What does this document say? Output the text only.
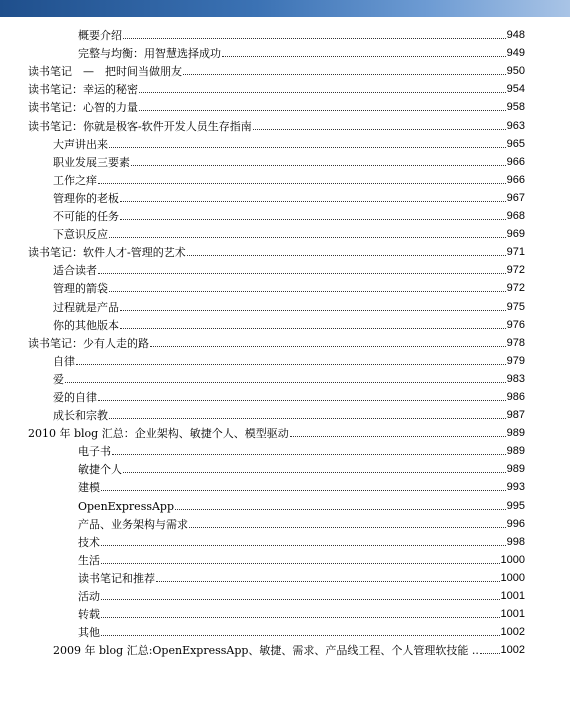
概要介绍	948
完整与均衡：用智慧选择成功	949
读书笔记　—　把时间当做朋友	950
读书笔记：幸运的秘密	954
读书笔记：心智的力量	958
读书笔记：你就是极客-软件开发人员生存指南	963
大声讲出来	965
职业发展三要素	966
工作之痒	966
管理你的老板	967
不可能的任务	968
下意识反应	969
读书笔记：软件人才-管理的艺术	971
适合读者	972
管理的箭袋	972
过程就是产品	975
你的其他版本	976
读书笔记：少有人走的路	978
自律	979
爱	983
爱的自律	986
成长和宗教	987
2010 年 blog 汇总：企业架构、敏捷个人、模型驱动	989
电子书	989
敏捷个人	989
建模	993
OpenExpressApp	995
产品、业务架构与需求	996
技术	998
生活	1000
读书笔记和推荐	1000
活动	1001
转载	1001
其他	1002
2009 年 blog 汇总:OpenExpressApp、敏捷、需求、产品线工程、个人管理软技能 .. 1002
